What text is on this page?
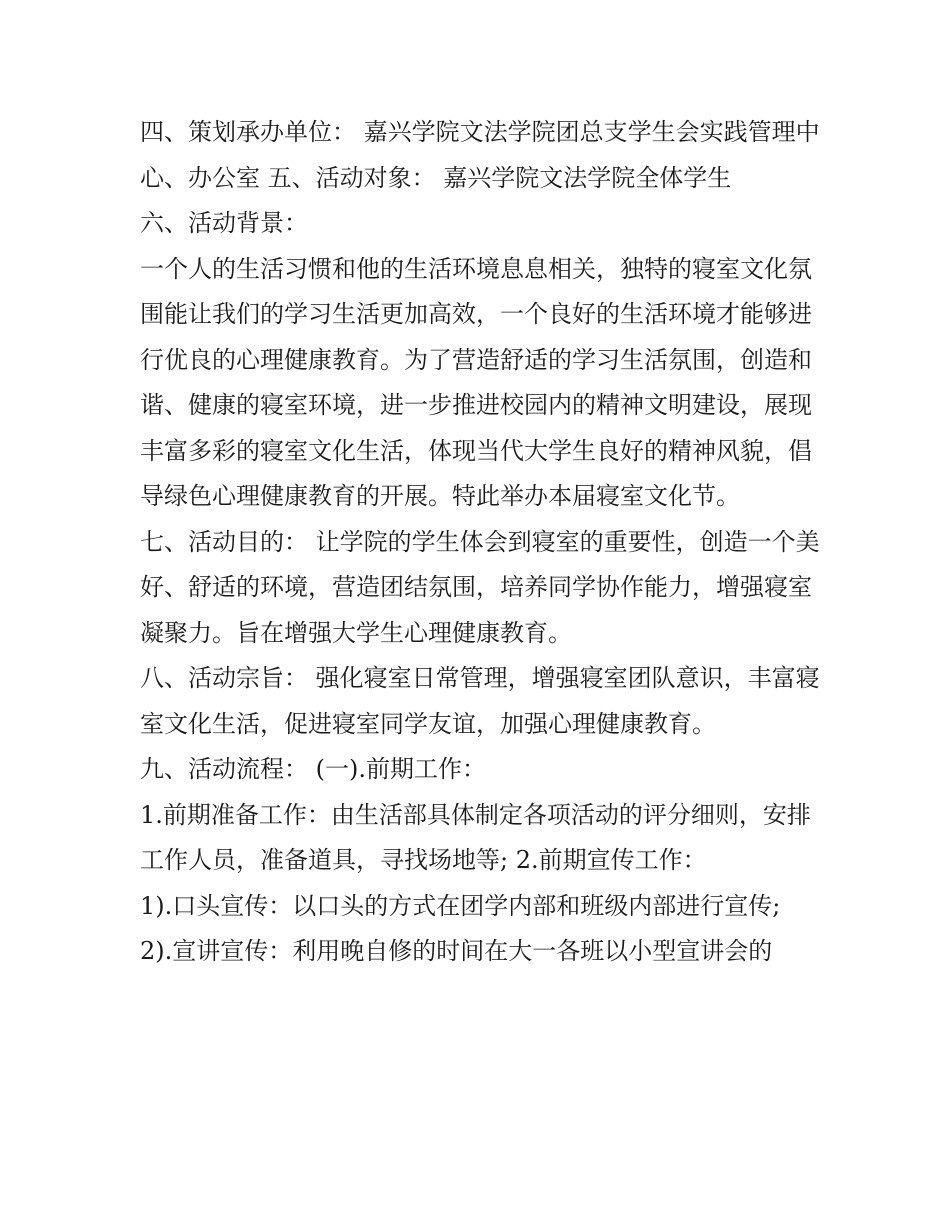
四、策划承办单位： 嘉兴学院文法学院团总支学生会实践管理中心、办公室 五、活动对象： 嘉兴学院文法学院全体学生

六、活动背景：

一个人的生活习惯和他的生活环境息息相关，独特的寝室文化氛围能让我们的学习生活更加高效，一个良好的生活环境才能够进行优良的心理健康教育。为了营造舒适的学习生活氛围，创造和谐、健康的寝室环境，进一步推进校园内的精神文明建设，展现丰富多彩的寝室文化生活，体现当代大学生良好的精神风貌，倡导绿色心理健康教育的开展。特此举办本届寝室文化节。

七、活动目的： 让学院的学生体会到寝室的重要性，创造一个美好、舒适的环境，营造团结氛围，培养同学协作能力，增强寝室凝聚力。旨在增强大学生心理健康教育。

八、活动宗旨： 强化寝室日常管理，增强寝室团队意识，丰富寝室文化生活，促进寝室同学友谊，加强心理健康教育。

九、活动流程： (一).前期工作：

1.前期准备工作：由生活部具体制定各项活动的评分细则，安排工作人员，准备道具，寻找场地等; 2.前期宣传工作：

1).口头宣传：以口头的方式在团学内部和班级内部进行宣传;

2).宣讲宣传：利用晚自修的时间在大一各班以小型宣讲会的
